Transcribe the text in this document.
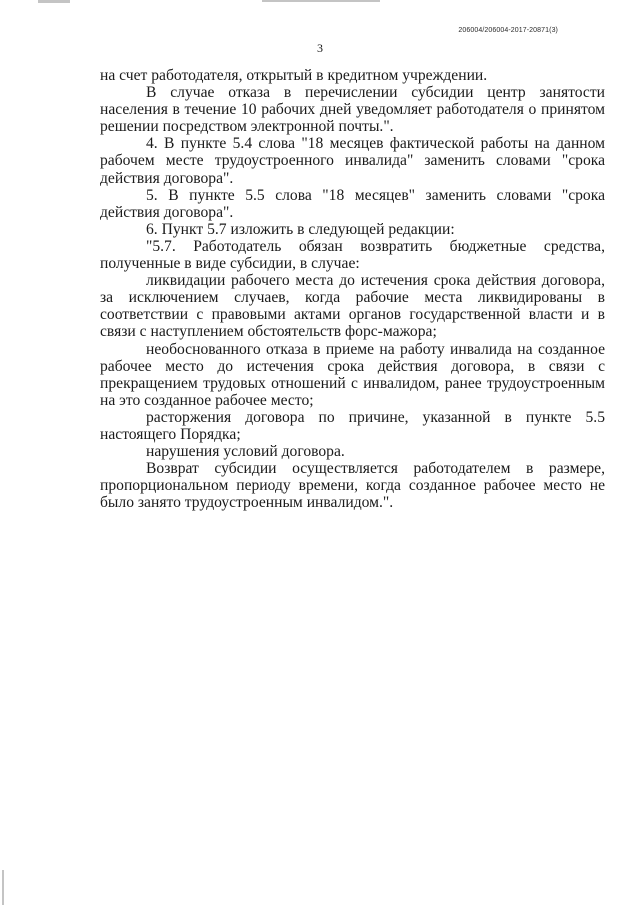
206004/206004-2017-20871(3)
3

на счет работодателя, открытый в кредитном учреждении.

В случае отказа в перечислении субсидии центр занятости населения в течение 10 рабочих дней уведомляет работодателя о принятом решении посредством электронной почты.".

4. В пункте 5.4 слова "18 месяцев фактической работы на данном рабочем месте трудоустроенного инвалида" заменить словами "срока действия договора".

5. В пункте 5.5 слова "18 месяцев" заменить словами "срока действия договора".

6. Пункт 5.7 изложить в следующей редакции:

"5.7. Работодатель обязан возвратить бюджетные средства, полученные в виде субсидии, в случае:

ликвидации рабочего места до истечения срока действия договора, за исключением случаев, когда рабочие места ликвидированы в соответствии с правовыми актами органов государственной власти и в связи с наступлением обстоятельств форс-мажора;

необоснованного отказа в приеме на работу инвалида на созданное рабочее место до истечения срока действия договора, в связи с прекращением трудовых отношений с инвалидом, ранее трудоустроенным на это созданное рабочее место;

расторжения договора по причине, указанной в пункте 5.5 настоящего Порядка;

нарушения условий договора.

Возврат субсидии осуществляется работодателем в размере, пропорциональном периоду времени, когда созданное рабочее место не было занято трудоустроенным инвалидом.".
